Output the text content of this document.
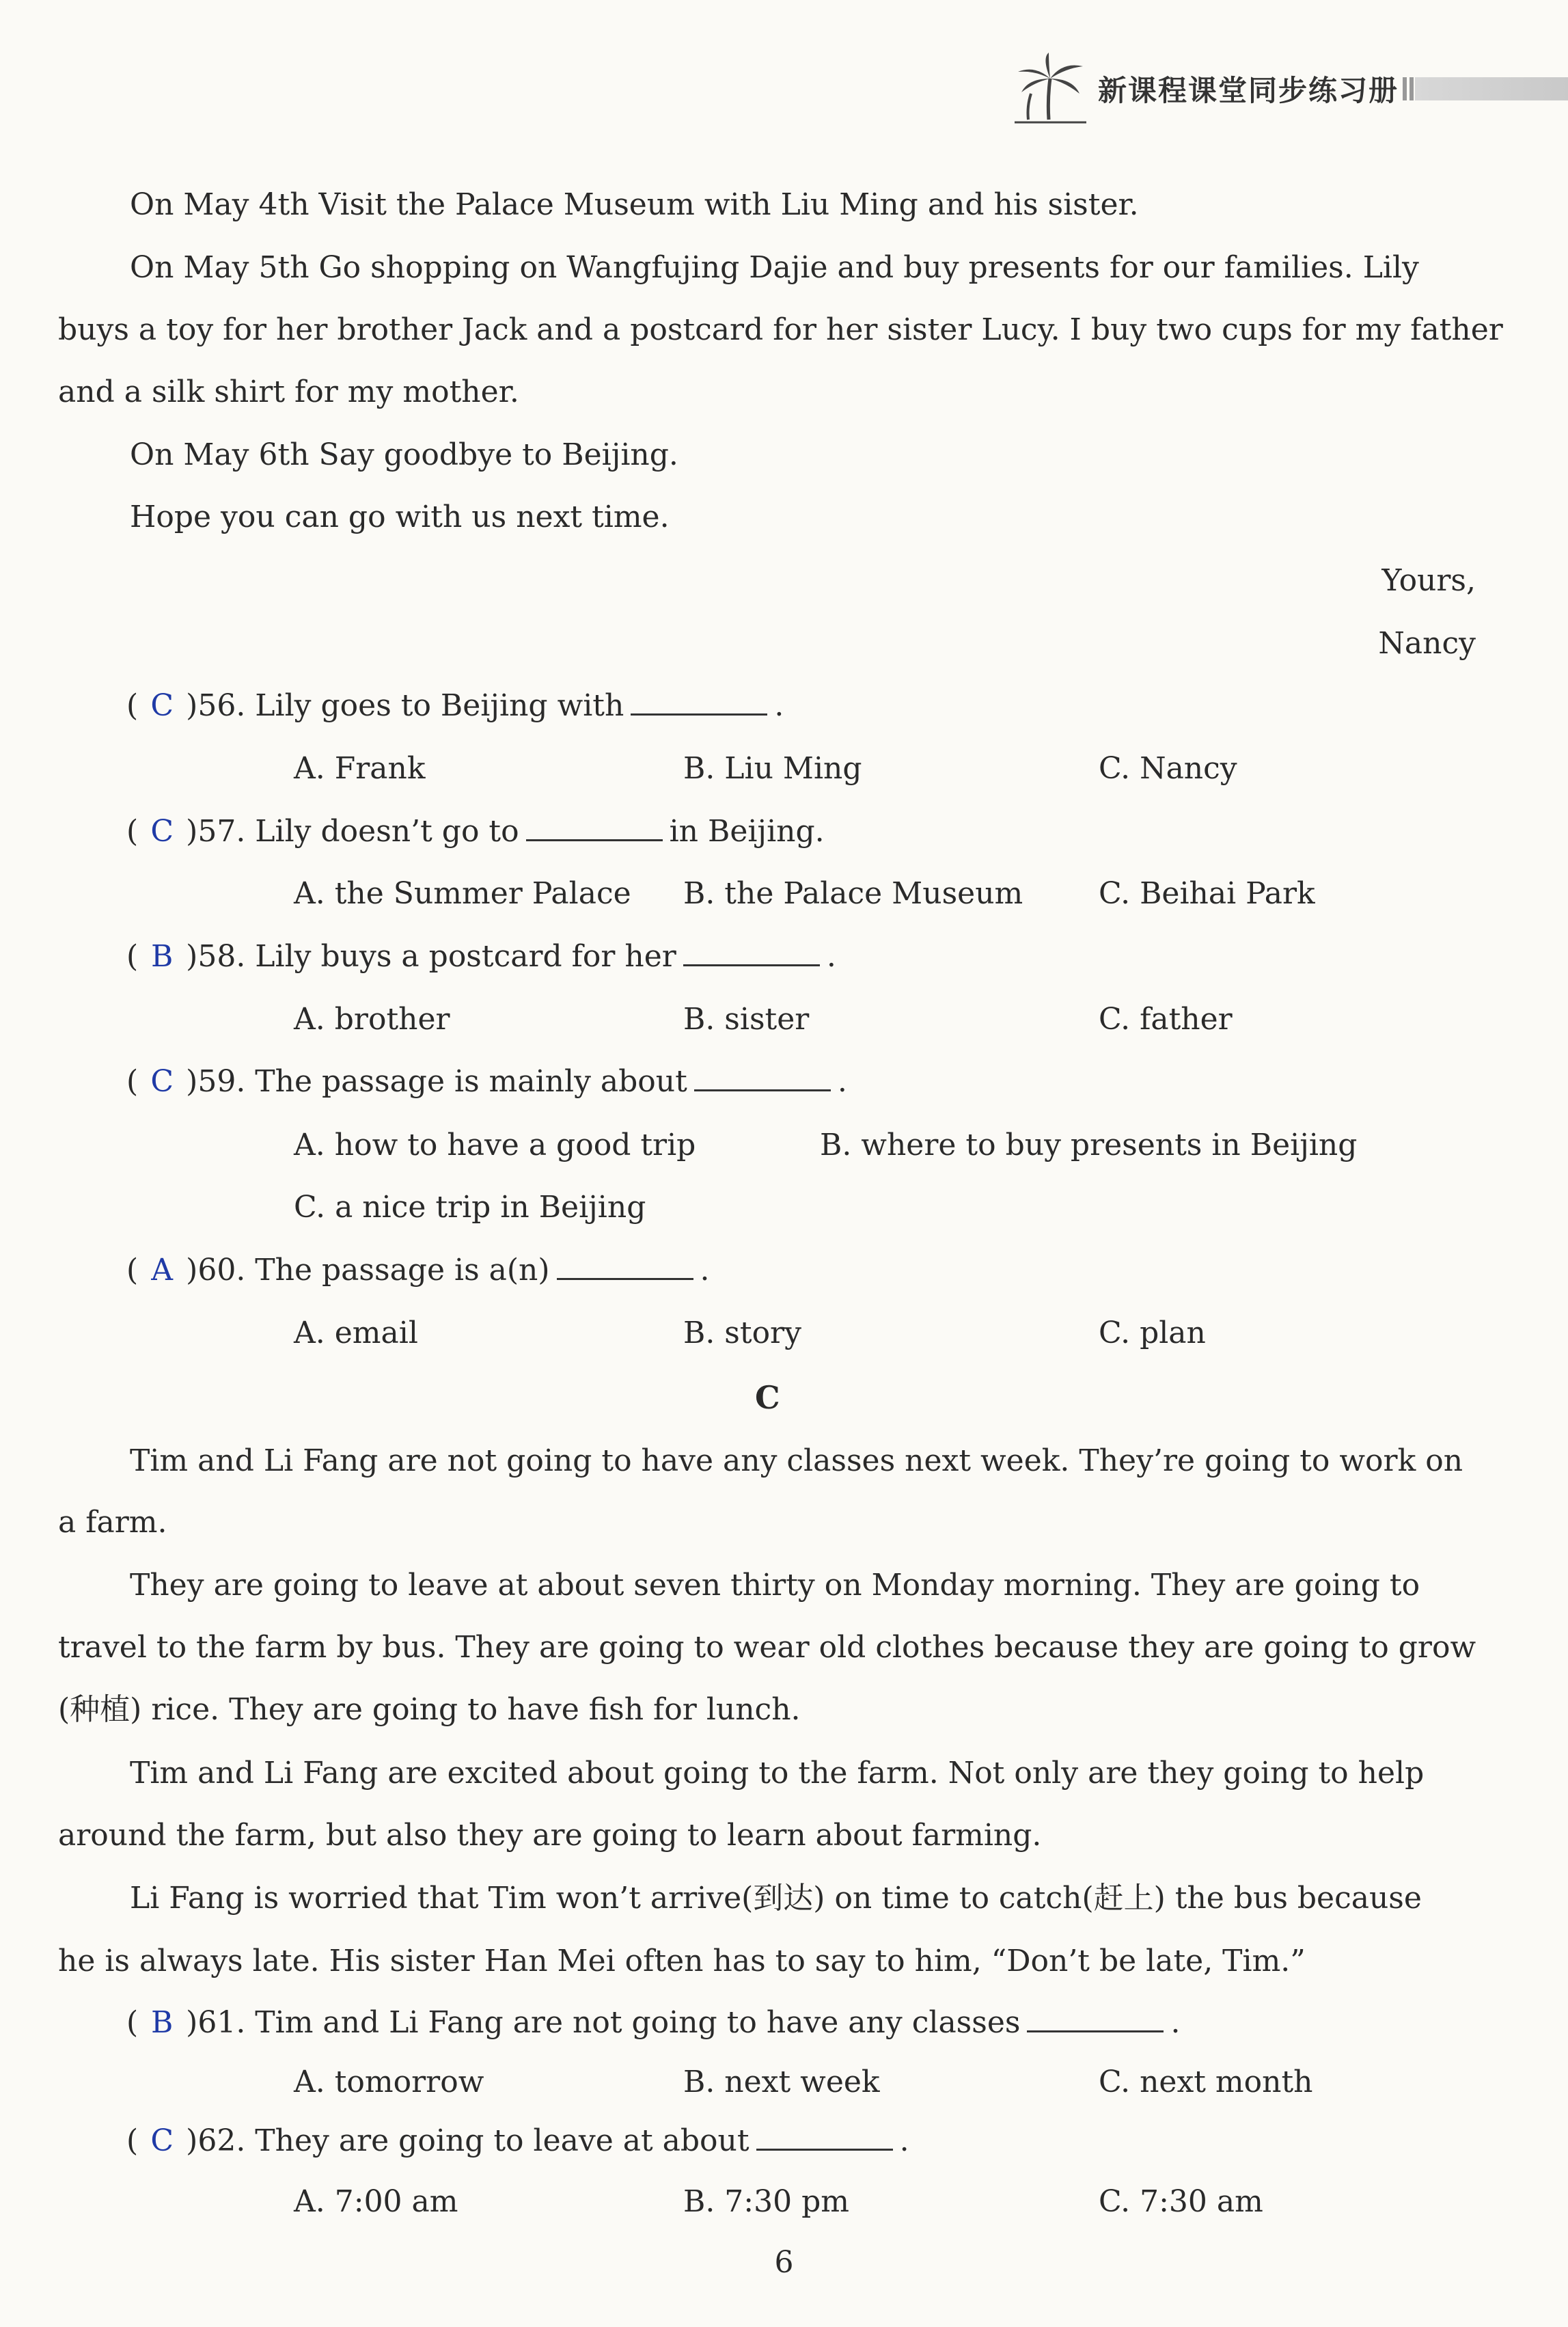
新课程课堂同步练习册
On May 4th Visit the Palace Museum with Liu Ming and his sister.
On May 5th Go shopping on Wangfujing Dajie and buy presents for our families. Lily
buys a toy for her brother Jack and a postcard for her sister Lucy. I buy two cups for my father
and a silk shirt for my mother.
On May 6th Say goodbye to Beijing.
Hope you can go with us next time.
Yours,
Nancy
( C )56. Lily goes to Beijing with	.
A. Frank	B. Liu Ming	C. Nancy
( C )57. Lily doesn’t go to	in Beijing.
A. the Summer Palace B. the Palace Museum	C. Beihai Park
( B )58. Lily buys a postcard for her	.
A. brother	B. sister	C. father
( C )59. The passage is mainly about	.
A. how to have a good trip	B. where to buy presents in Beijing
C. a nice trip in Beijing
( A )60. The passage is a(n)	.
A. email	B. story	C. plan
C
Tim and Li Fang are not going to have any classes next week. They’re going to work on
a farm.
They are going to leave at about seven thirty on Monday morning. They are going to
travel to the farm by bus. They are going to wear old clothes because they are going to grow
(种植) rice. They are going to have fish for lunch.
Tim and Li Fang are excited about going to the farm. Not only are they going to help
around the farm, but also they are going to learn about farming.
Li Fang is worried that Tim won’t arrive(到达) on time to catch(赶上) the bus because
he is always late. His sister Han Mei often has to say to him, “Don’t be late, Tim.”
( B )61. Tim and Li Fang are not going to have any classes	.
A. tomorrow	B. next week	C. next month
( C )62. They are going to leave at about	.
A. 7:00 am	B. 7:30 pm	C. 7:30 am
6
